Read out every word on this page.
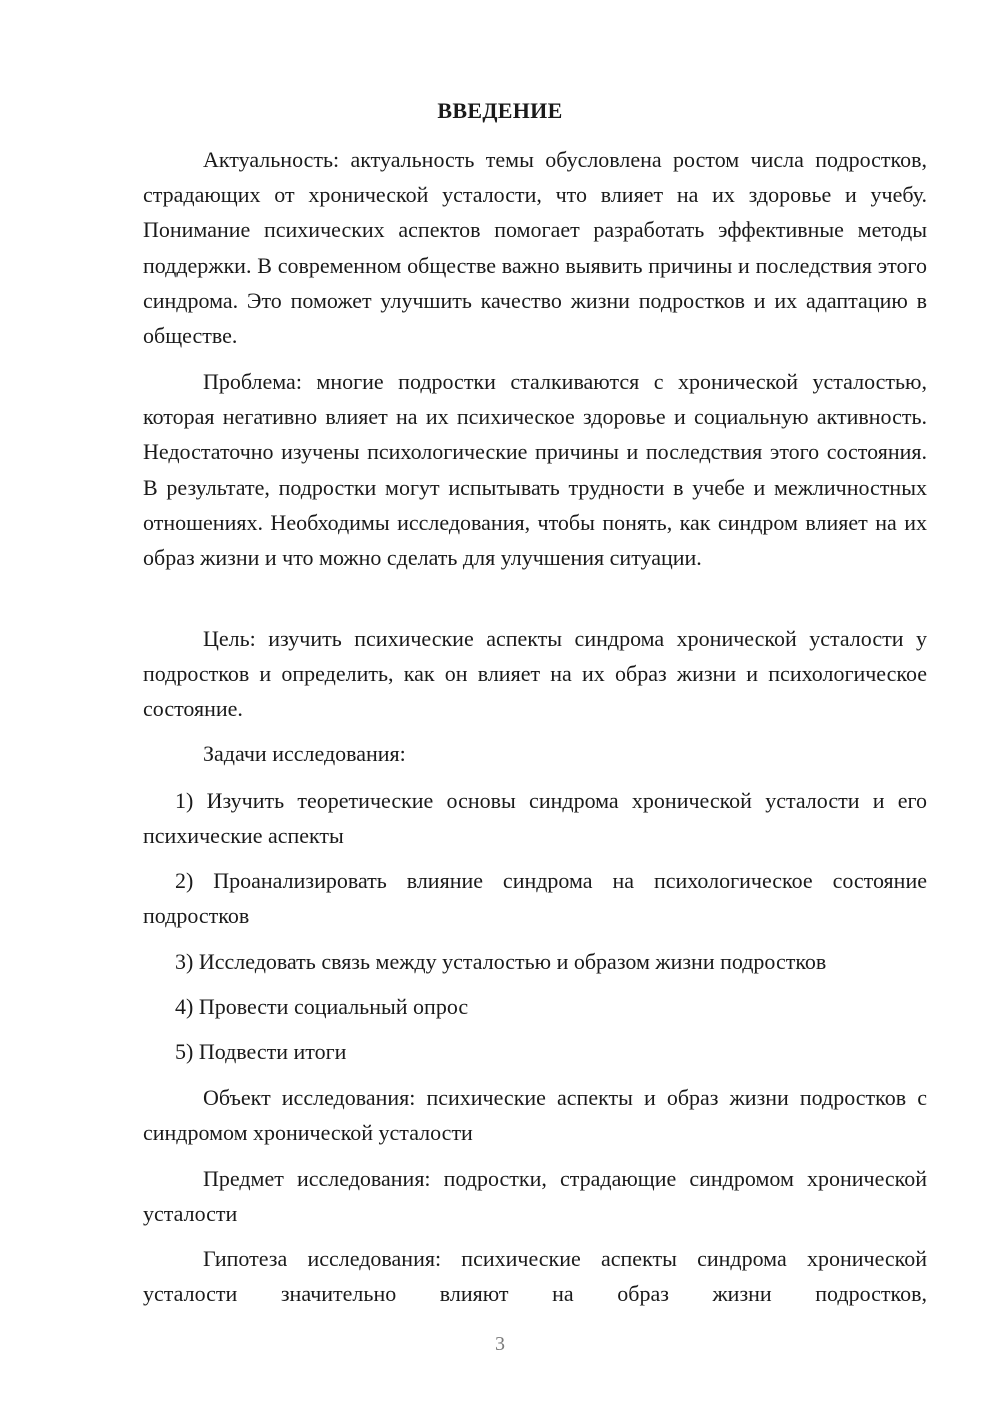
ВВЕДЕНИЕ

Актуальность: актуальность темы обусловлена ростом числа подростков, страдающих от хронической усталости, что влияет на их здоровье и учебу. Понимание психических аспектов помогает разработать эффективные методы поддержки. В современном обществе важно выявить причины и последствия этого синдрома. Это поможет улучшить качество жизни подростков и их адаптацию в обществе.

Проблема: многие подростки сталкиваются с хронической усталостью, которая негативно влияет на их психическое здоровье и социальную активность. Недостаточно изучены психологические причины и последствия этого состояния. В результате, подростки могут испытывать трудности в учебе и межличностных отношениях. Необходимы исследования, чтобы понять, как синдром влияет на их образ жизни и что можно сделать для улучшения ситуации.

Цель: изучить психические аспекты синдрома хронической усталости у подростков и определить, как он влияет на их образ жизни и психологическое состояние.

Задачи исследования:

1) Изучить теоретические основы синдрома хронической усталости и его психические аспекты

2) Проанализировать влияние синдрома на психологическое состояние подростков

3) Исследовать связь между усталостью и образом жизни подростков

4) Провести социальный опрос

5) Подвести итоги

Объект исследования: психические аспекты и образ жизни подростков с синдромом хронической усталости

Предмет исследования: подростки, страдающие синдромом хронической усталости

Гипотеза исследования: психические аспекты синдрома хронической усталости значительно влияют на образ жизни подростков,

3
